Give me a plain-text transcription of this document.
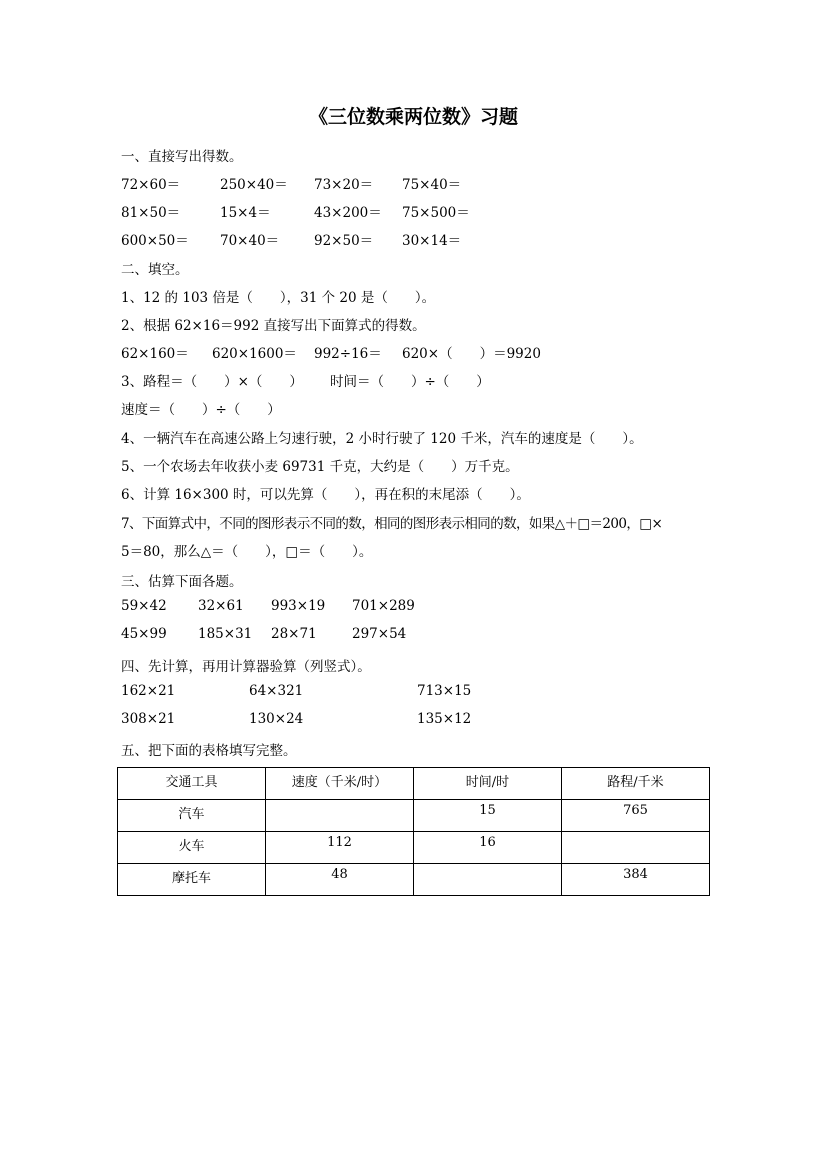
《三位数乘两位数》习题
一、直接写出得数。
72×60＝	250×40＝ 73×20＝ 75×40＝
81×50＝	15×4＝	43×200＝ 75×500＝
600×50＝ 70×40＝	92×50＝ 30×14＝
二、填空。
1、12 的 103 倍是（　　），31 个 20 是（　　）。
2、根据 62×16＝992 直接写出下面算式的得数。
62×160＝ 620×1600＝ 992÷16＝ 620×（　　）＝9920
3、路程＝（　　）×（　　） 时间＝（　　）÷（　　）
速度＝（　　）÷（　　）
4、一辆汽车在高速公路上匀速行驶，2 小时行驶了 120 千米，汽车的速度是（　　）。
5、一个农场去年收获小麦 69731 千克，大约是（　　）万千克。
6、计算 16×300 时，可以先算（　　），再在积的末尾添（　　）。
7、下面算式中，不同的图形表示不同的数，相同的图形表示相同的数，如果△＋□＝200，□×
5＝80，那么△＝（　　），□＝（　　）。
三、估算下面各题。
59×42 32×61 993×19 701×289
45×99 185×31 28×71	297×54
四、先计算，再用计算器验算（列竖式）。
162×21	64×321	713×15
308×21	130×24	135×12
五、把下面的表格填写完整。
交通工具	速度（千米/时）	时间/时	路程/千米
汽车		15	765
火车	112	16	
摩托车	48		384
